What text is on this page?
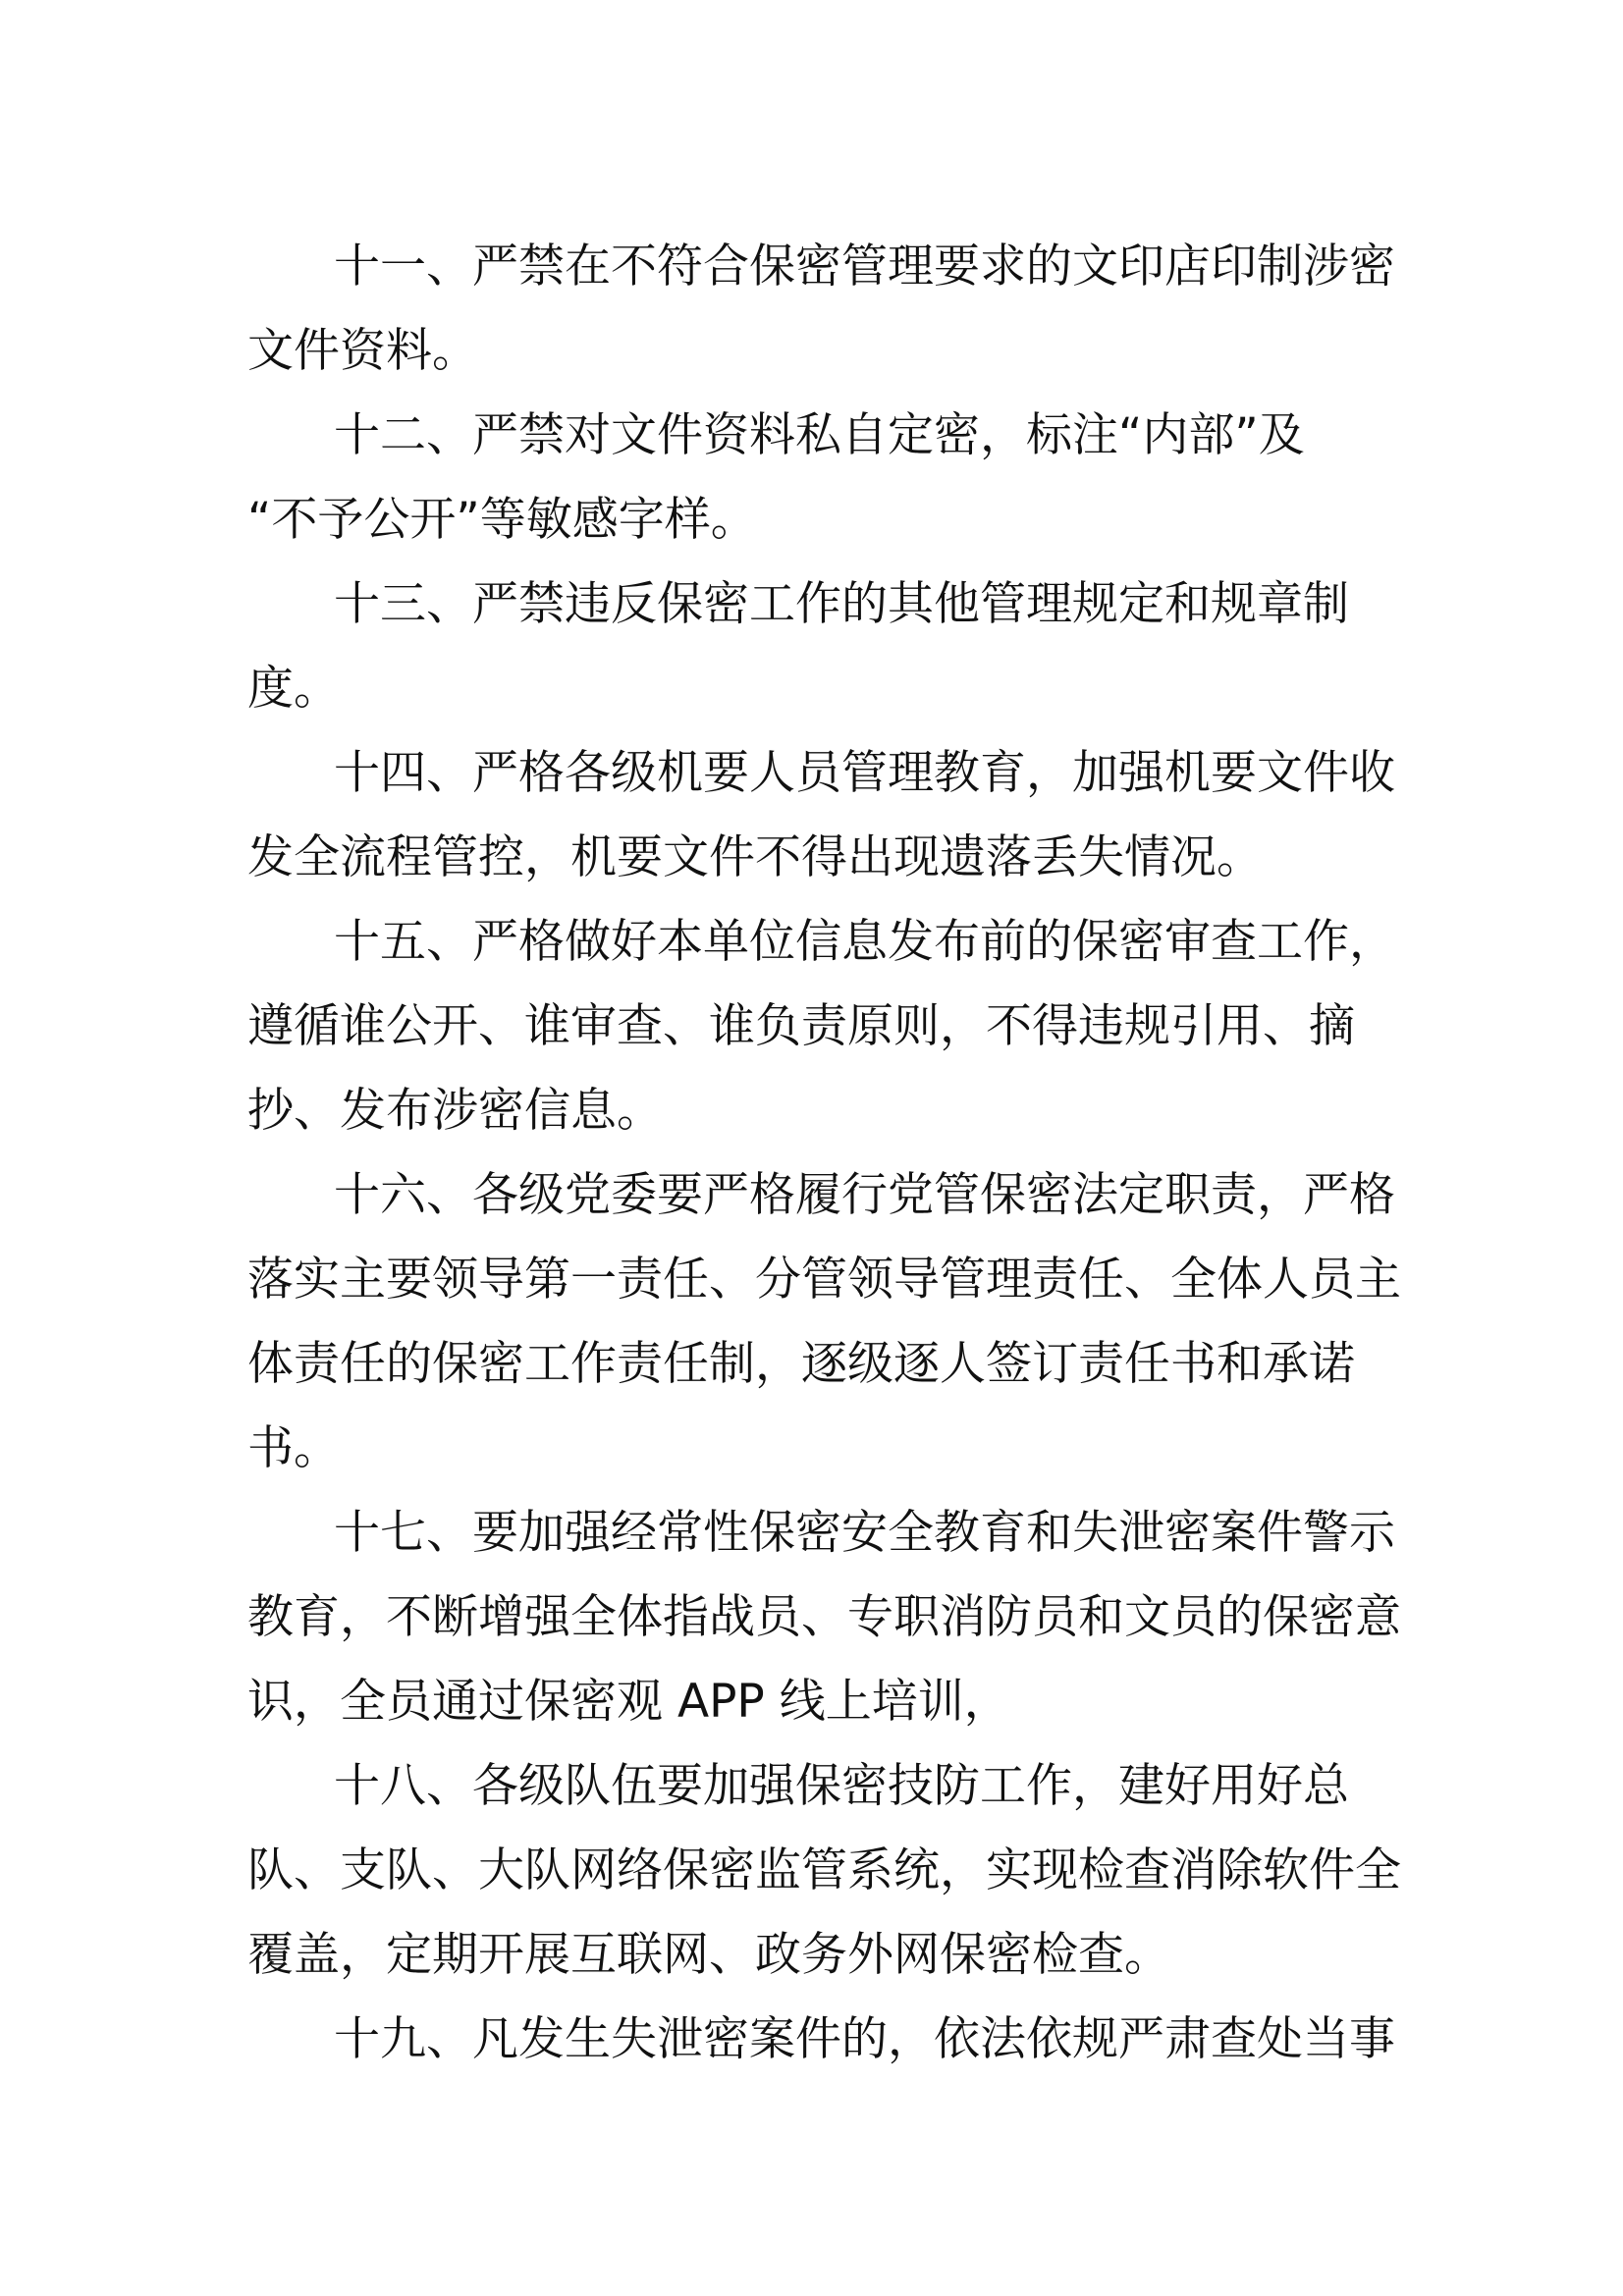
十一、严禁在不符合保密管理要求的文印店印制涉密
文件资料。
十二、严禁对文件资料私自定密，标注“内部”及
“不予公开”等敏感字样。
十三、严禁违反保密工作的其他管理规定和规章制
度。
十四、严格各级机要人员管理教育，加强机要文件收
发全流程管控，机要文件不得出现遗落丢失情况。
十五、严格做好本单位信息发布前的保密审查工作，
遵循谁公开、谁审查、谁负责原则，不得违规引用、摘
抄、发布涉密信息。
十六、各级党委要严格履行党管保密法定职责，严格
落实主要领导第一责任、分管领导管理责任、全体人员主
体责任的保密工作责任制，逐级逐人签订责任书和承诺
书。
十七、要加强经常性保密安全教育和失泄密案件警示
教育，不断增强全体指战员、专职消防员和文员的保密意
识，全员通过保密观 APP 线上培训，
十八、各级队伍要加强保密技防工作，建好用好总
队、支队、大队网络保密监管系统，实现检查消除软件全
覆盖，定期开展互联网、政务外网保密检查。
十九、凡发生失泄密案件的，依法依规严肃查处当事
